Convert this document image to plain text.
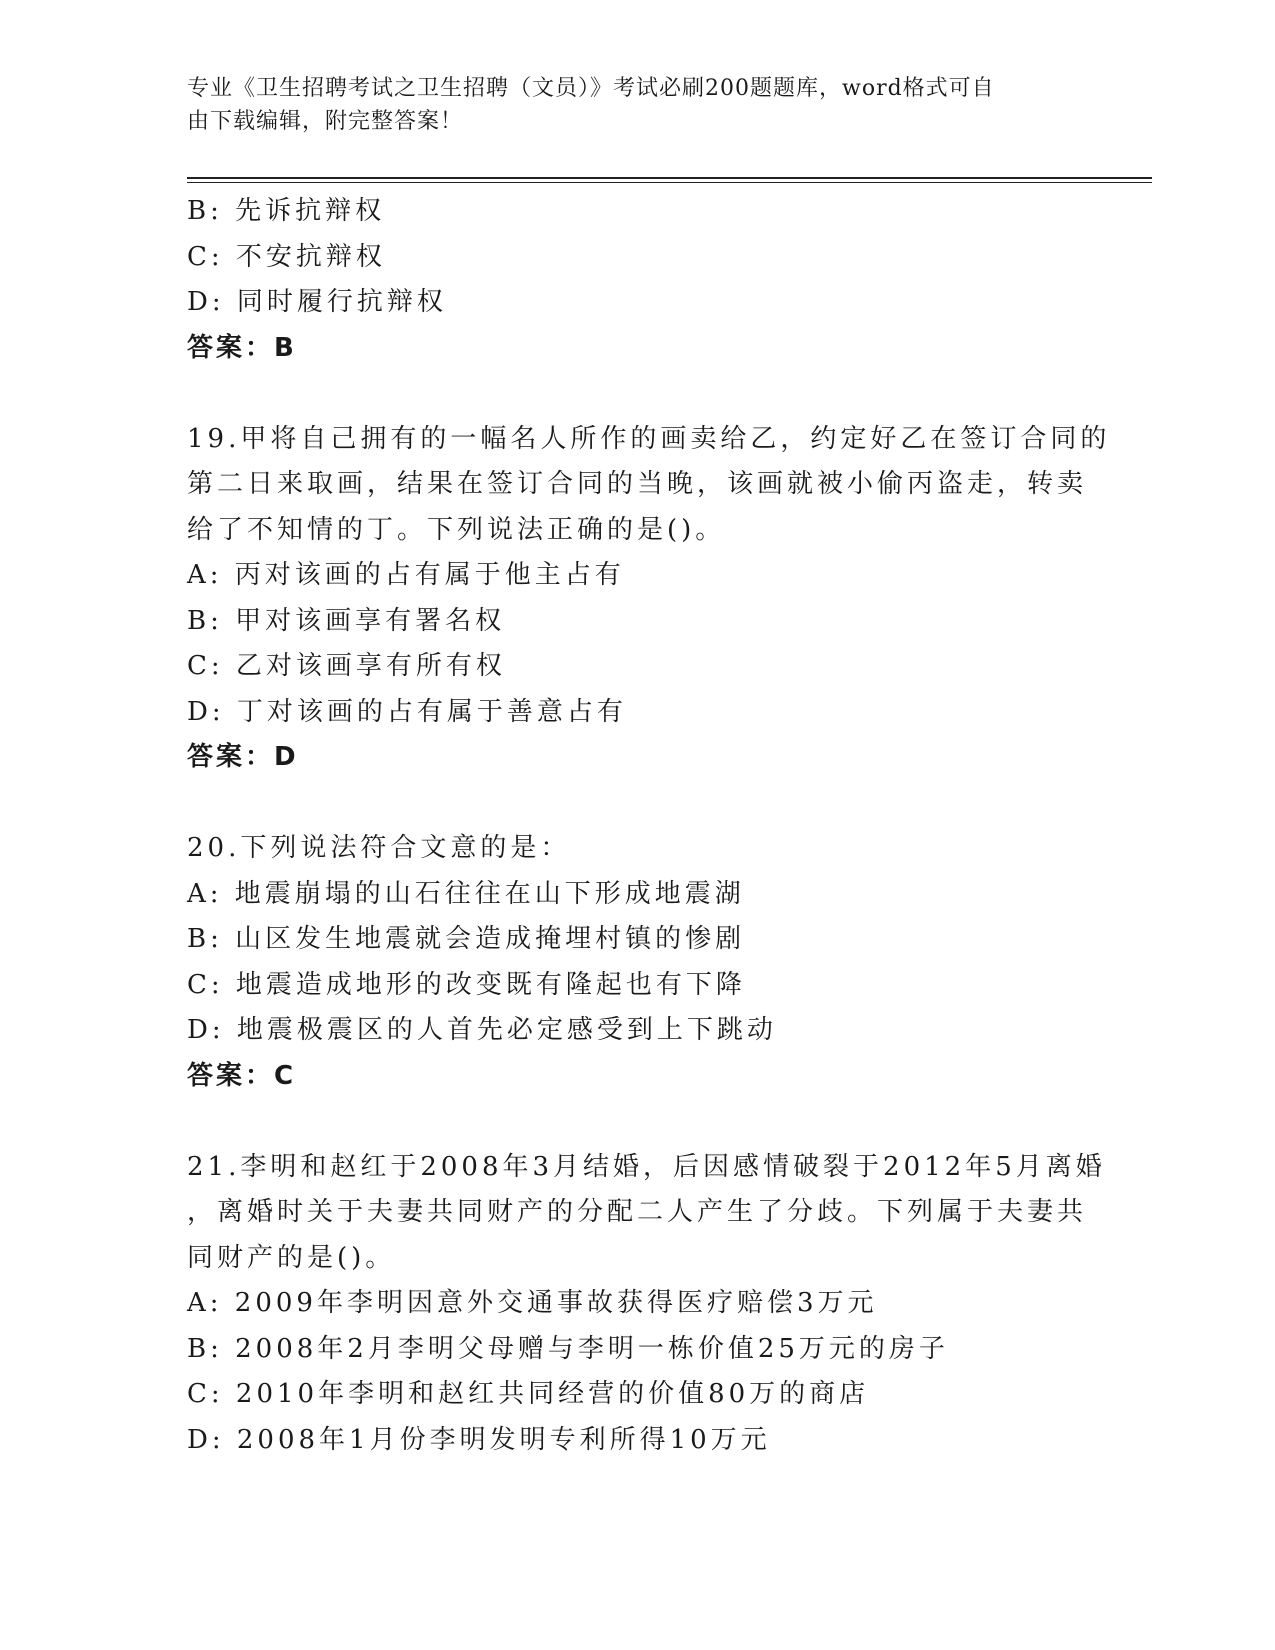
专业《卫生招聘考试之卫生招聘（文员）》考试必刷200题题库，word格式可自
由下载编辑，附完整答案！
B: 先诉抗辩权
C: 不安抗辩权
D: 同时履行抗辩权
答案：B
19.甲将自己拥有的一幅名人所作的画卖给乙，约定好乙在签订合同的
第二日来取画，结果在签订合同的当晚，该画就被小偷丙盗走，转卖
给了不知情的丁。下列说法正确的是()。
A: 丙对该画的占有属于他主占有
B: 甲对该画享有署名权
C: 乙对该画享有所有权
D: 丁对该画的占有属于善意占有
答案：D
20.下列说法符合文意的是：
A: 地震崩塌的山石往往在山下形成地震湖
B: 山区发生地震就会造成掩埋村镇的惨剧
C: 地震造成地形的改变既有隆起也有下降
D: 地震极震区的人首先必定感受到上下跳动
答案：C
21.李明和赵红于2008年3月结婚，后因感情破裂于2012年5月离婚
，离婚时关于夫妻共同财产的分配二人产生了分歧。下列属于夫妻共
同财产的是()。
A: 2009年李明因意外交通事故获得医疗赔偿3万元
B: 2008年2月李明父母赠与李明一栋价值25万元的房子
C: 2010年李明和赵红共同经营的价值80万的商店
D: 2008年1月份李明发明专利所得10万元
